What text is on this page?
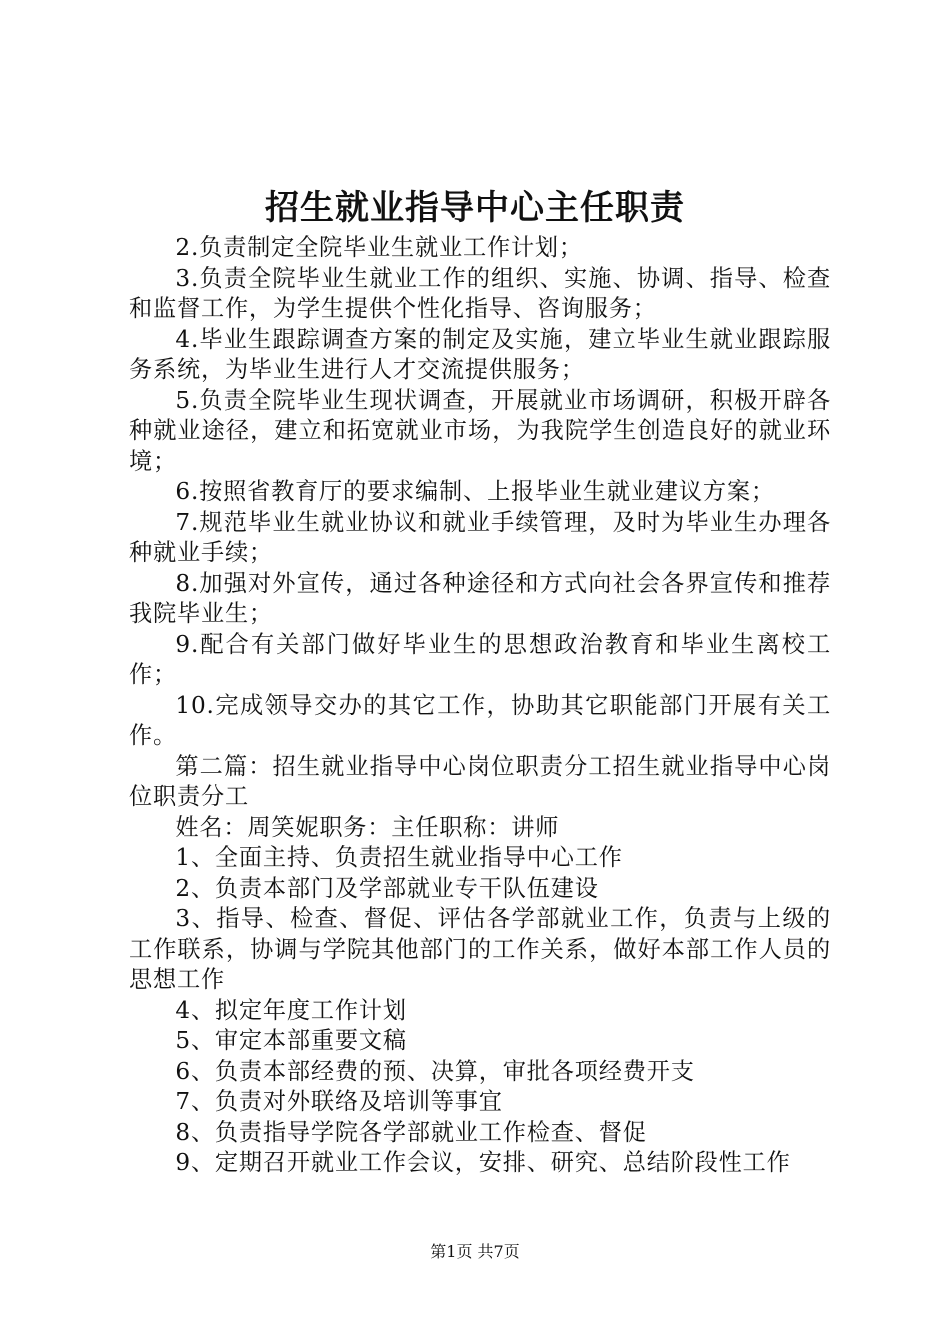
招生就业指导中心主任职责

2.负责制定全院毕业生就业工作计划；

3.负责全院毕业生就业工作的组织、实施、协调、指导、检查和监督工作，为学生提供个性化指导、咨询服务；

4.毕业生跟踪调查方案的制定及实施，建立毕业生就业跟踪服务系统，为毕业生进行人才交流提供服务；

5.负责全院毕业生现状调查，开展就业市场调研，积极开辟各种就业途径，建立和拓宽就业市场，为我院学生创造良好的就业环境；

6.按照省教育厅的要求编制、上报毕业生就业建议方案；

7.规范毕业生就业协议和就业手续管理，及时为毕业生办理各种就业手续；

8.加强对外宣传，通过各种途径和方式向社会各界宣传和推荐我院毕业生；

9.配合有关部门做好毕业生的思想政治教育和毕业生离校工作；

10.完成领导交办的其它工作，协助其它职能部门开展有关工作。

第二篇：招生就业指导中心岗位职责分工招生就业指导中心岗位职责分工

姓名：周笑妮职务：主任职称：讲师

1、全面主持、负责招生就业指导中心工作

2、负责本部门及学部就业专干队伍建设

3、指导、检查、督促、评估各学部就业工作，负责与上级的工作联系，协调与学院其他部门的工作关系，做好本部工作人员的思想工作

4、拟定年度工作计划

5、审定本部重要文稿

6、负责本部经费的预、决算，审批各项经费开支

7、负责对外联络及培训等事宜

8、负责指导学院各学部就业工作检查、督促

9、定期召开就业工作会议，安排、研究、总结阶段性工作

第1页 共7页
